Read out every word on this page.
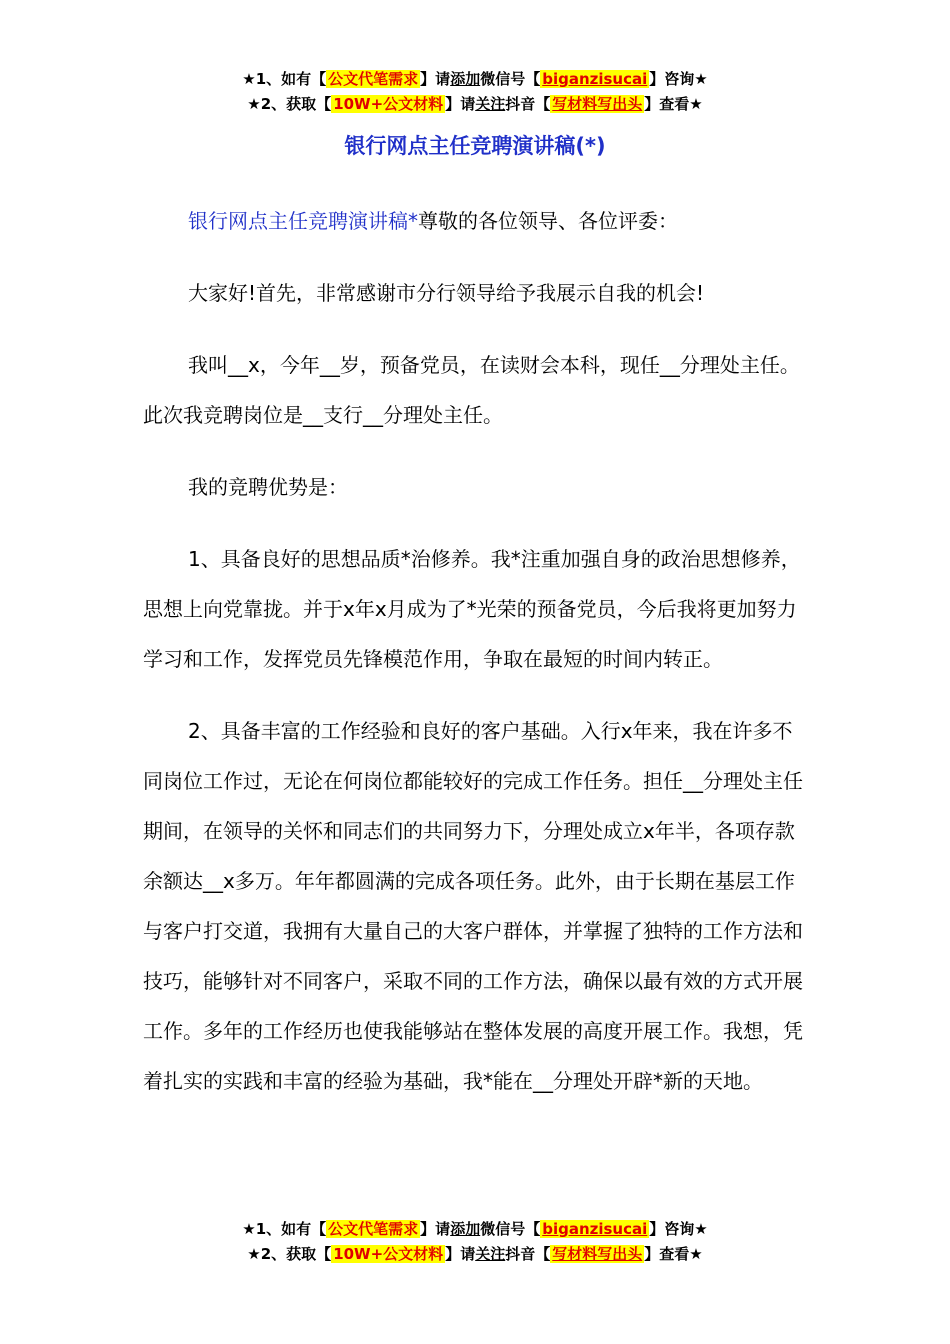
★1、如有【 公文代笔需求 】请添加微信号【 biganzisucai 】咨询★
★2、获取【 10W+公文材料 】请关注抖音【 写材料写出头 】查看★
银行网点主任竞聘演讲稿(*)

银行网点主任竞聘演讲稿*尊敬的各位领导、各位评委：

大家好!首先，非常感谢市分行领导给予我展示自我的机会!

我叫__x，今年__岁，预备党员，在读财会本科，现任__分理处主任。此次我竞聘岗位是__支行__分理处主任。

我的竞聘优势是：

1、具备良好的思想品质*治修养。我*注重加强自身的政治思想修养，思想上向党靠拢。并于x年x月成为了*光荣的预备党员，今后我将更加努力学习和工作，发挥党员先锋模范作用，争取在最短的时间内转正。

2、具备丰富的工作经验和良好的客户基础。入行x年来，我在许多不同岗位工作过，无论在何岗位都能较好的完成工作任务。担任__分理处主任期间，在领导的关怀和同志们的共同努力下，分理处成立x年半，各项存款余额达__x多万。年年都圆满的完成各项任务。此外，由于长期在基层工作与客户打交道，我拥有大量自己的大客户群体，并掌握了独特的工作方法和技巧，能够针对不同客户，采取不同的工作方法，确保以最有效的方式开展工作。多年的工作经历也使我能够站在整体发展的高度开展工作。我想，凭着扎实的实践和丰富的经验为基础，我*能在__分理处开辟*新的天地。

★1、如有【 公文代笔需求 】请添加微信号【 biganzisucai 】咨询★
★2、获取【 10W+公文材料 】请关注抖音【 写材料写出头 】查看★
